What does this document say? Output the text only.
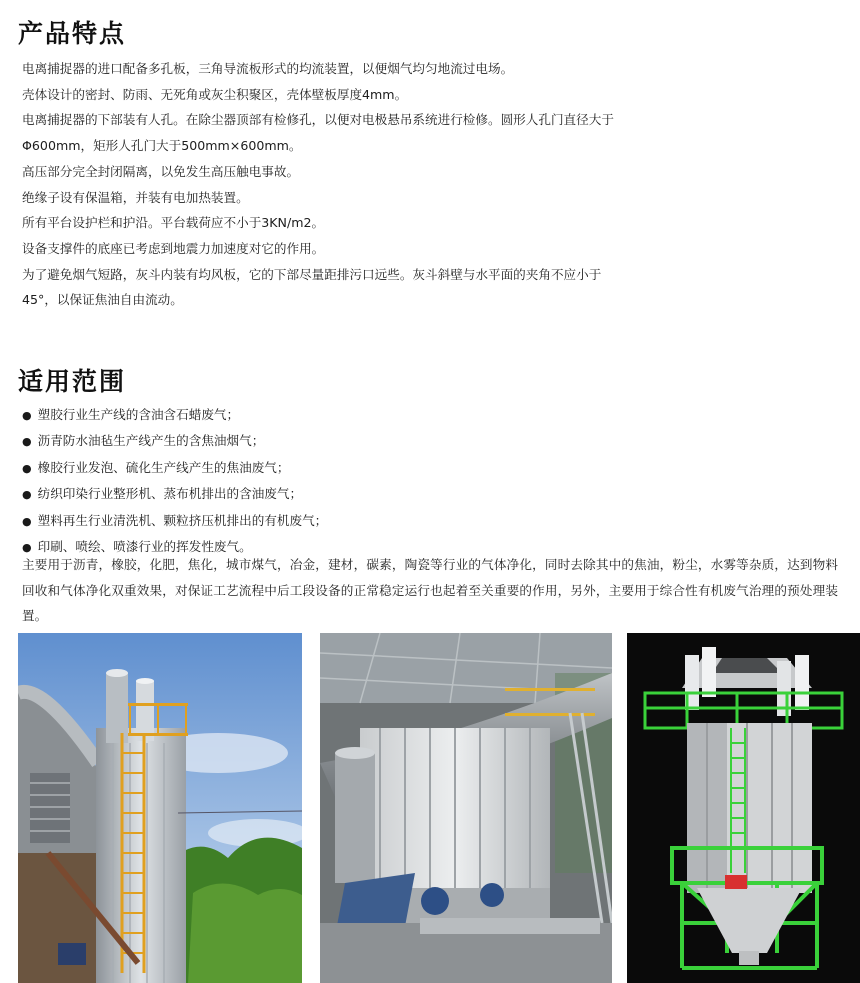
产品特点
电离捕捉器的进口配备多孔板，三角导流板形式的均流装置，以便烟气均匀地流过电场。
壳体设计的密封、防雨、无死角或灰尘积聚区，壳体壁板厚度4mm。
电离捕捉器的下部装有人孔。在除尘器顶部有检修孔，以便对电极悬吊系统进行检修。圆形人孔门直径大于
Φ600mm，矩形人孔门大于500mm×600mm。
高压部分完全封闭隔离，以免发生高压触电事故。
绝缘子设有保温箱，并装有电加热装置。
所有平台设护栏和护沿。平台载荷应不小于3KN/m2。
设备支撑件的底座已考虑到地震力加速度对它的作用。
为了避免烟气短路，灰斗内装有均风板，它的下部尽量距排污口远些。灰斗斜壁与水平面的夹角不应小于
45°，以保证焦油自由流动。
适用范围
● 塑胶行业生产线的含油含石蜡废气；
● 沥青防水油毡生产线产生的含焦油烟气；
● 橡胶行业发泡、硫化生产线产生的焦油废气；
● 纺织印染行业整形机、蒸布机排出的含油废气；
● 塑料再生行业清洗机、颗粒挤压机排出的有机废气；
● 印刷、喷绘、喷漆行业的挥发性废气。

主要用于沥青，橡胶，化肥，焦化，城市煤气，冶金，建材，碳素，陶瓷等行业的气体净化，同时去除其中的焦油，粉尘，水雾等杂质，达到物料回收和气体净化双重效果，对保证工艺流程中后工段设备的正常稳定运行也起着至关重要的作用，另外，主要用于综合性有机废气治理的预处理装置。
